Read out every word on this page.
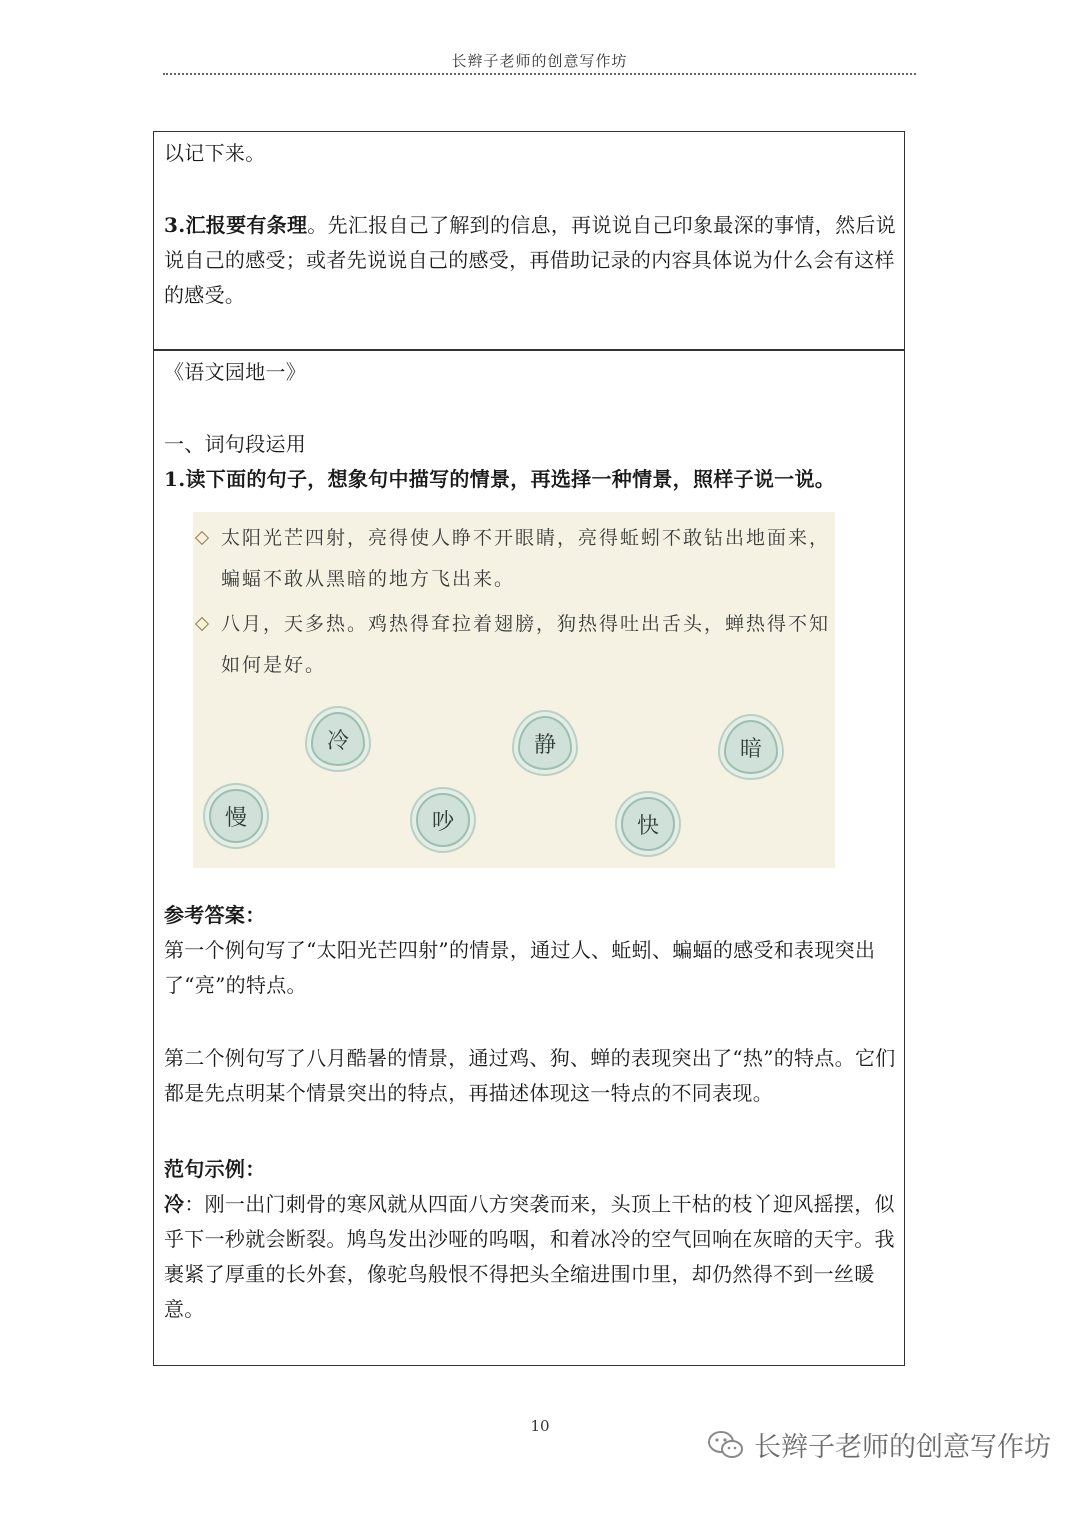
长辫子老师的创意写作坊

以记下来。

3.汇报要有条理。先汇报自己了解到的信息，再说说自己印象最深的事情，然后说说自己的感受；或者先说说自己的感受，再借助记录的内容具体说为什么会有这样的感受。

《语文园地一》

一、词句段运用

1.读下面的句子，想象句中描写的情景，再选择一种情景，照样子说一说。

太阳光芒四射，亮得使人睁不开眼睛，亮得蚯蚓不敢钻出地面来，蝙蝠不敢从黑暗的地方飞出来。
八月，天多热。鸡热得耷拉着翅膀，狗热得吐出舌头，蝉热得不知如何是好。
冷	静	暗
慢	吵	快

参考答案：

第一个例句写了“太阳光芒四射”的情景，通过人、蚯蚓、蝙蝠的感受和表现突出了“亮”的特点。

第二个例句写了八月酷暑的情景，通过鸡、狗、蝉的表现突出了“热”的特点。它们都是先点明某个情景突出的特点，再描述体现这一特点的不同表现。

范句示例：

冷：刚一出门刺骨的寒风就从四面八方突袭而来，头顶上干枯的枝丫迎风摇摆，似乎下一秒就会断裂。鸠鸟发出沙哑的呜咽，和着冰冷的空气回响在灰暗的天宇。我裹紧了厚重的长外套，像驼鸟般恨不得把头全缩进围巾里，却仍然得不到一丝暖意。

10
长辫子老师的创意写作坊
